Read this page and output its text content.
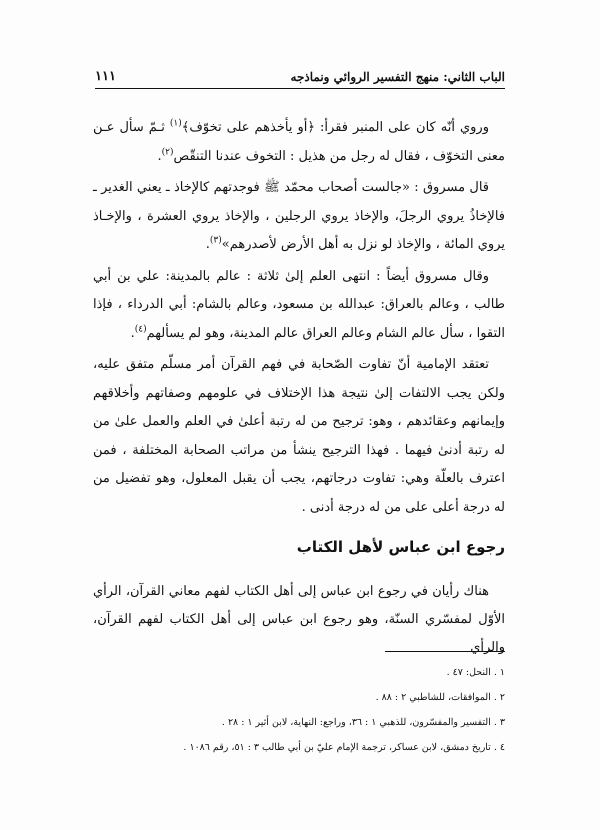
الباب الثاني: منهج التفسير الروائي ونماذجه
١١١

وروي أنّه كان على المنبر فقرأ: ﴿أو يأخذهم على تخوّف﴾$^{(١)}$ ثـمّ سأل عـن معنى التخوّف ، فقال له رجل من هذيل : التخوف عندنا التنقّص$^{(٢)}$.

قال مسروق : «جالست أصحاب محمّد ﷺ فوجدتهم كالإخاذ ـ يعني الغدير ـ فالإخاذُ يروي الرجلَ، والإخاذ يروي الرجلين ، والإخاذ يروي العشرة ، والإخـاذ يروي المائة ، والإخاذ لو نزل به أهل الأرض لأصدرهم»$^{(٣)}$.

وقال مسروق أيضاً : انتهى العلم إلىٰ ثلاثة : عالم بالمدينة: علي بن أبي طالب ، وعالم بالعراق: عبدالله بن مسعود، وعالم بالشام: أبي الدرداء ، فإذا التقوا ، سأل عالم الشام وعالم العراق عالم المدينة، وهو لم يسألهم$^{(٤)}$.

تعتقد الإمامية أنّ تفاوت الصّحابة في فهم القرآن أمر مسلّم متفق عليه، ولكن يجب الالتفات إلىٰ نتيجة هذا الإختلاف في علومهم وصفاتهم وأخلاقهم وإيمانهم وعقائدهم ، وهو: ترجيح من له رتبة أعلىٰ في العلم والعمل علىٰ من له رتبة أدنىٰ فيهما . فهذا الترجيح ينشأ من مراتب الصحابة المختلفة ، فمن اعترف بالعلّة وهي: تفاوت درجاتهم، يجب أن يقبل المعلول، وهو تفضيل من له درجة أعلى على من له درجة أدنى .

رجوع ابن عباس لأهل الكتاب

هناك رأيان في رجوع ابن عباس إلى أهل الكتاب لفهم معاني القرآن، الرأي الأوّل لمفسّري السنّة، وهو رجوع ابن عباس إلى أهل الكتاب لفهم القرآن، والرأي

١ . النحل: ٤٧ .
٢ . الموافقات، للشاطبي ٢ : ٨٨ .
٣ . التفسير والمفسّرون، للذهبي ١ : ٣٦، وراجع: النهاية، لابن أثير ١ : ٢٨ .
٤ . تاريخ دمشق، لابن عساكر، ترجمة الإمام عليّ بن أبي طالب ٣ : ٥١، رقم ١٠٨٦ .
